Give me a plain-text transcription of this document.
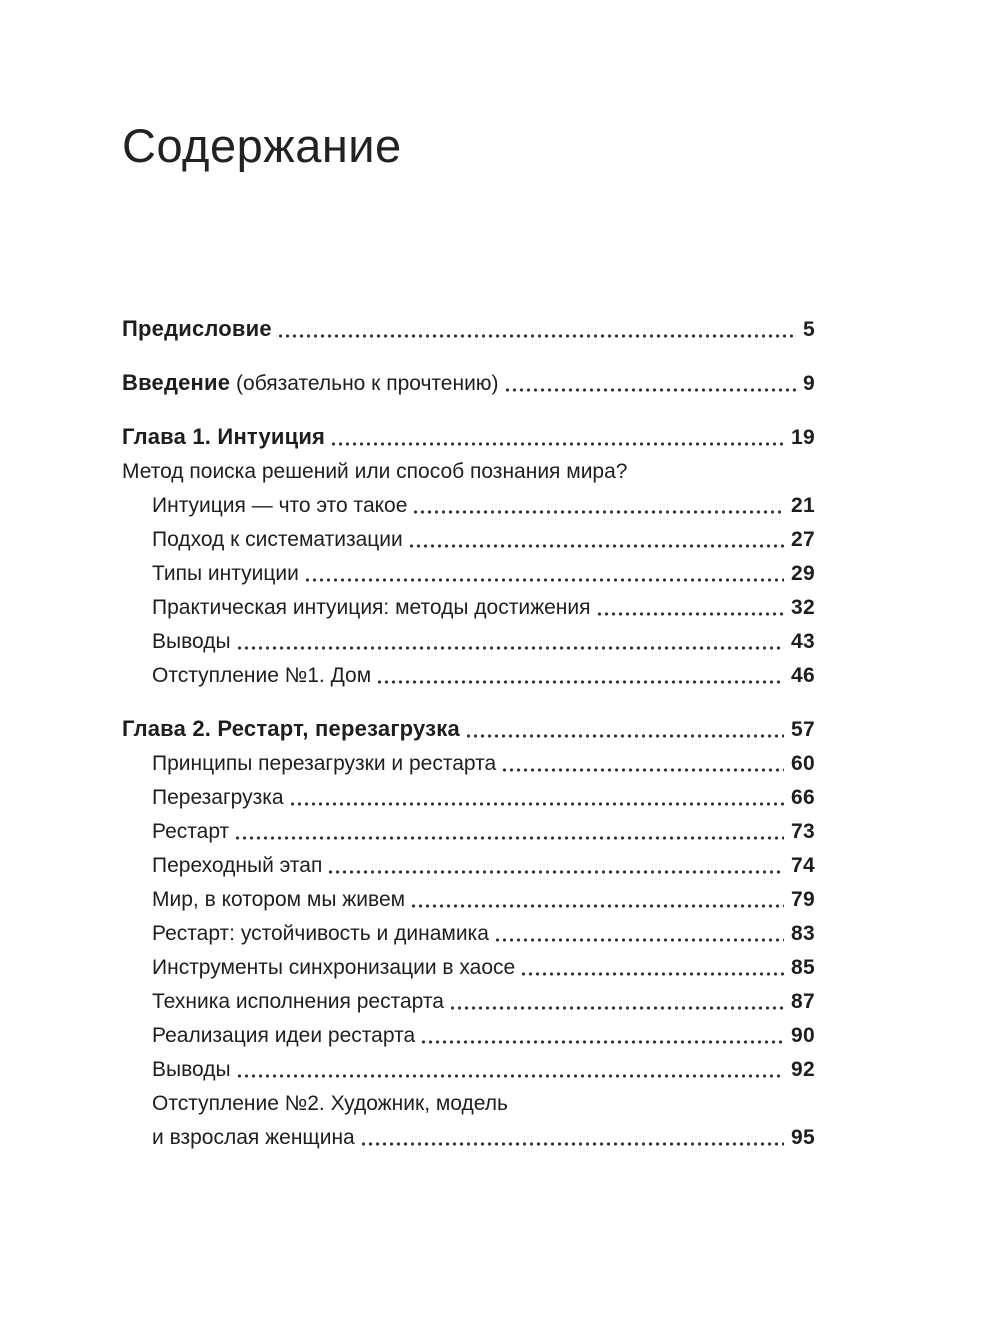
Содержание
Предисловие	5
Введение (обязательно к прочтению)	9
Глава 1. Интуиция	19
Метод поиска решений или способ познания мира?
Интуиция — что это такое	21
Подход к систематизации	27
Типы интуиции	29
Практическая интуиция: методы достижения	32
Выводы	43
Отступление №1. Дом	46
Глава 2. Рестарт, перезагрузка	57
Принципы перезагрузки и рестарта	60
Перезагрузка	66
Рестарт	73
Переходный этап	74
Мир, в котором мы живем	79
Рестарт: устойчивость и динамика	83
Инструменты синхронизации в хаосе	85
Техника исполнения рестарта	87
Реализация идеи рестарта	90
Выводы	92
Отступление №2. Художник, модель
и взрослая женщина	95
